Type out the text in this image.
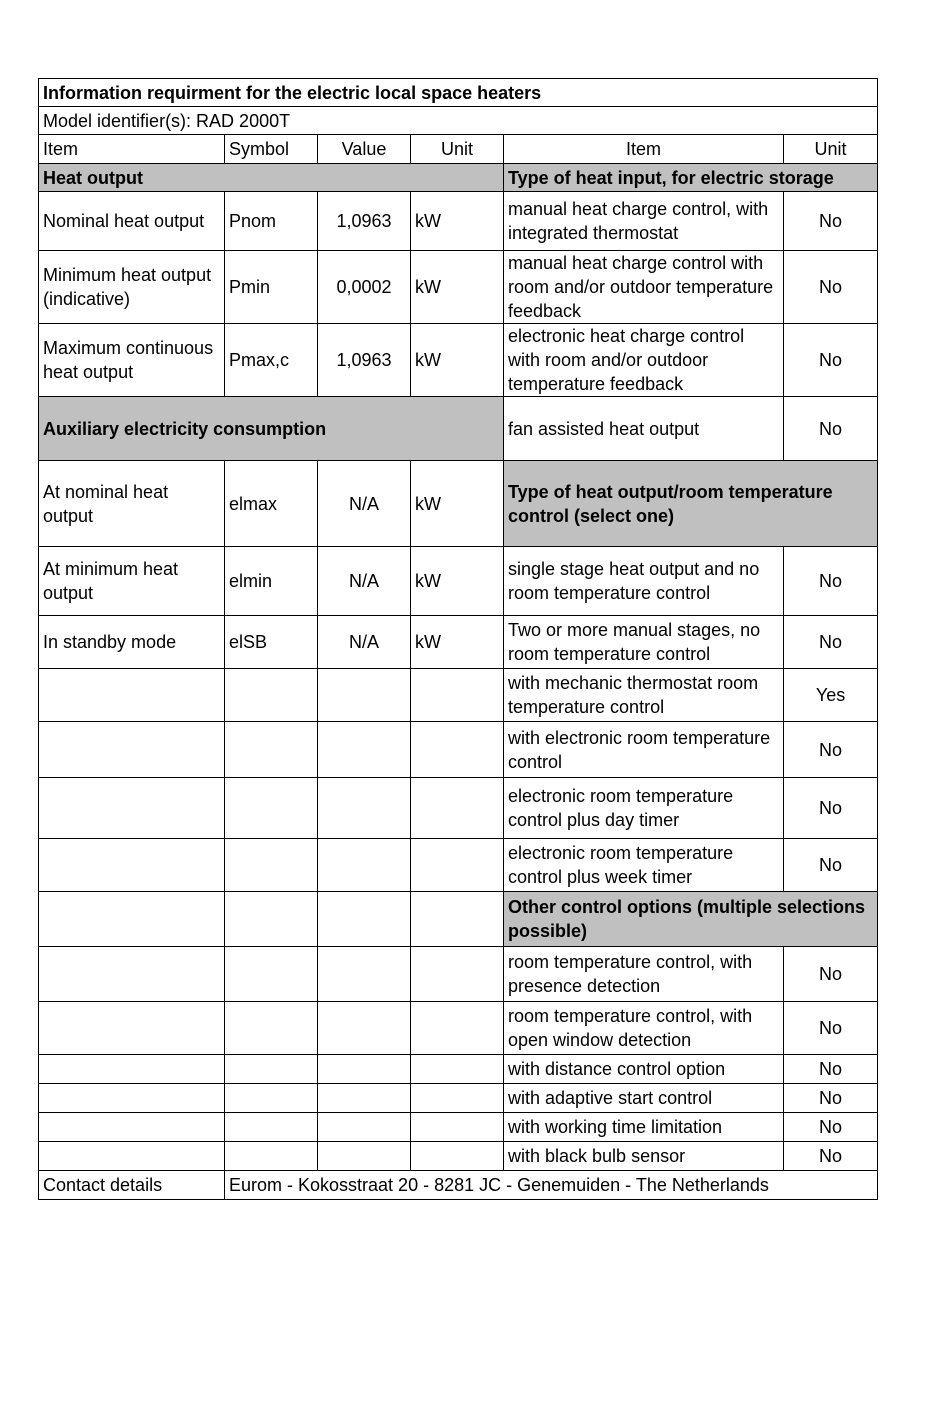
Information requirment for the electric local space heaters					
Model identifier(s): RAD 2000T					
Item	Symbol	Value	Unit	Item	Unit
Heat output				Type of heat input, for electric storage	
Nominal heat output	Pnom	1,0963	kW	manual heat charge control, with integrated thermostat	No
Minimum heat output (indicative)	Pmin	0,0002	kW	manual heat charge control with room and/or outdoor temperature feedback	No
Maximum continuous heat output	Pmax,c	1,0963	kW	electronic heat charge control with room and/or outdoor temperature feedback	No
Auxiliary electricity consumption				fan assisted heat output	No
At nominal heat output	elmax	N/A	kW	Type of heat output/room temperature control (select one)	
At minimum heat output	elmin	N/A	kW	single stage heat output and no room temperature control	No
In standby mode	elSB	N/A	kW	Two or more manual stages, no room temperature control	No
				with mechanic thermostat room temperature control	Yes
				with electronic room temperature control	No
				electronic room temperature control plus day timer	No
				electronic room temperature control plus week timer	No
				Other control options (multiple selections possible)	
				room temperature control, with presence detection	No
				room temperature control, with open window detection	No
				with distance control option	No
				with adaptive start control	No
				with working time limitation	No
				with black bulb sensor	No
Contact details	Eurom - Kokosstraat 20 - 8281 JC - Genemuiden - The Netherlands				
